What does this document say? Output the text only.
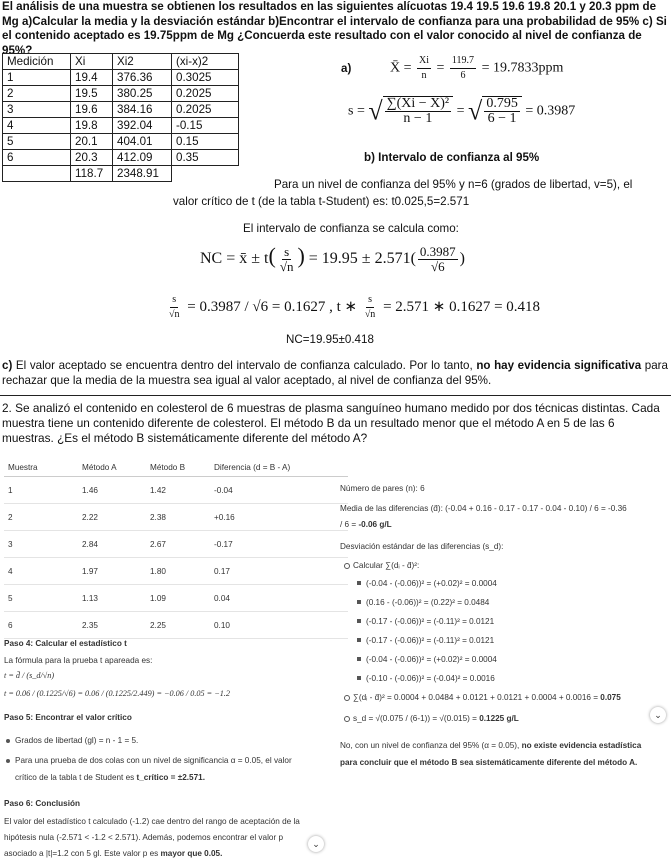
El análisis de una muestra se obtienen los resultados en las siguientes alícuotas 19.4 19.5 19.6 19.8 20.1 y 20.3 ppm de Mg a)Calcular la media y la desviación estándar b)Encontrar el intervalo de confianza para una probabilidad de 95% c) Si el contenido aceptado es 19.75ppm de Mg ¿Concuerda este resultado con el valor conocido al nivel de confianza de 95%?
Medición	Xi	Xi2	(xi-x)2
1	19.4	376.36	0.3025
2	19.5	380.25	0.2025
3	19.6	384.16	0.2025
4	19.8	392.04	-0.15
5	20.1	404.01	0.15
6	20.3	412.09	0.35
	118.7	2348.91	
a)	X̄ = $\frac{Xi}{n} = \frac{119.7}{6} = 19.7833ppm$
s = √ $\frac{\text{∑(Xi − X)²}}{n - 1}$ = √ $\frac{0.795}{6 - 1} = 0.3987$
b) Intervalo de confianza al 95%
Para un nivel de confianza del 95% y n=6 (grados de libertad, v=5), el
valor crítico de t (de la tabla t-Student) es: t0.025,5=2.571
El intervalo de confianza se calcula como:
NC = x̄ ± $t( \frac{s}{√n}$ ) = $19.95 \pm 2.571( \frac{0.3987}{√6}$ )
$\frac{s}{√n} = 0.3987 / √6 = 0.1627$ , t ∗ $\frac{s}{√n} = 2.571$ ∗ 0.1627 = 0.418
NC=19.95±0.418
c) El valor aceptado se encuentra dentro del intervalo de confianza calculado. Por lo tanto, no hay evidencia significativa para rechazar que la media de la muestra sea igual al valor aceptado, al nivel de confianza del 95%.
2. Se analizó el contenido en colesterol de 6 muestras de plasma sanguíneo humano medido por dos técnicas distintas. Cada muestra tiene un contenido diferente de colesterol. El método B da un resultado menor que el método A en 5 de las 6 muestras. ¿Es el método B sistemáticamente diferente del método A?
Muestra	Método A	Método B	Diferencia (d = B - A)
1	1.46	1.42	-0.04
2	2.22	2.38	+0.16
3	2.84	2.67	-0.17
4	1.97	1.80	0.17
5	1.13	1.09	0.04
6	2.35	2.25	0.10
Número de pares (n): 6
Media de las diferencias (d̄): (-0.04 + 0.16 - 0.17 - 0.17 - 0.04 - 0.10) / 6 = -0.36
/ 6 = -0.06 g/L
Desviación estándar de las diferencias (s_d):
Calcular ∑(dᵢ - d̄)²:
(-0.04 - (-0.06))² = (+0.02)² = 0.0004
(0.16 - (-0.06))² = (0.22)² = 0.0484
(-0.17 - (-0.06))² = (-0.11)² = 0.0121
(-0.17 - (-0.06))² = (-0.11)² = 0.0121
(-0.04 - (-0.06))² = (+0.02)² = 0.0004
(-0.10 - (-0.06))² = (-0.04)² = 0.0016
∑(dᵢ - d̄)² = 0.0004 + 0.0484 + 0.0121 + 0.0121 + 0.0004 + 0.0016 = 0.075
s_d = √(0.075 / (6-1)) = √(0.015) = 0.1225 g/L
No, con un nivel de confianza del 95% (α = 0.05), no existe evidencia estadística
para concluir que el método B sea sistemáticamente diferente del método A.
⌄
Paso 4: Calcular el estadístico t
La fórmula para la prueba t apareada es:
t = d̄ / (s_d/√n)
t = 0.06 / (0.1225/√6) = 0.06 / (0.1225/2.449) = −0.06 / 0.05 = −1.2
Paso 5: Encontrar el valor crítico
Grados de libertad (gl) = n - 1 = 5.
Para una prueba de dos colas con un nivel de significancia α = 0.05, el valor
crítico de la tabla t de Student es t_crítico = ±2.571.
Paso 6: Conclusión
El valor del estadístico t calculado (-1.2) cae dentro del rango de aceptación de la
hipótesis nula (-2.571 < -1.2 < 2.571). Además, podemos encontrar el valor p
asociado a |t|=1.2 con 5 gl. Este valor p es mayor que 0.05.
⌄
